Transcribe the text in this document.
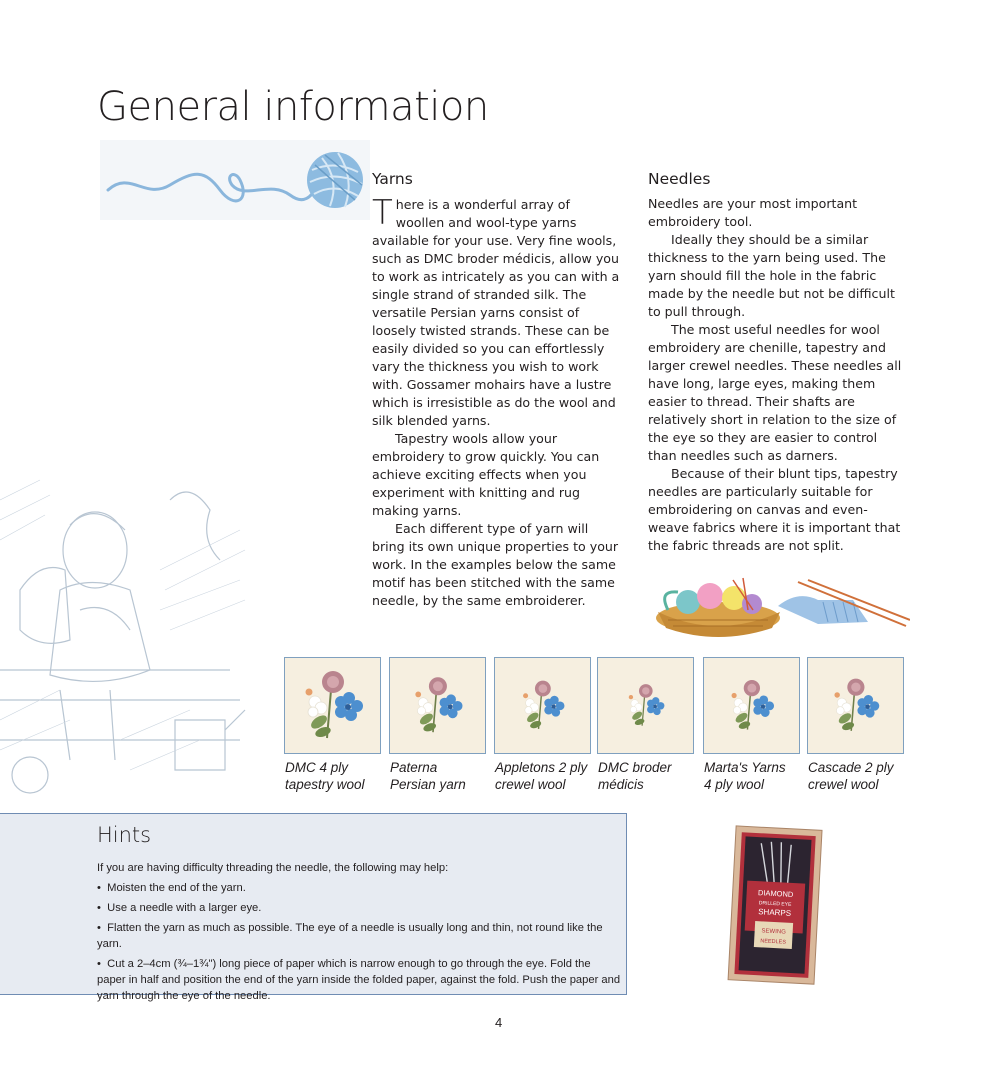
General information
Yarns

There is a wonderful array of woollen and wool-type yarns available for your use. Very fine wools, such as DMC broder médicis, allow you to work as intricately as you can with a single strand of stranded silk. The versatile Persian yarns consist of loosely twisted strands. These can be easily divided so you can effortlessly vary the thickness you wish to work with. Gossamer mohairs have a lustre which is irresistible as do the wool and silk blended yarns.

Tapestry wools allow your embroidery to grow quickly. You can achieve exciting effects when you experiment with knitting and rug making yarns.

Each different type of yarn will bring its own unique properties to your work. In the examples below the same motif has been stitched with the same needle, by the same embroiderer.

Needles

Needles are your most important embroidery tool.

Ideally they should be a similar thickness to the yarn being used. The yarn should fill the hole in the fabric made by the needle but not be difficult to pull through.

The most useful needles for wool embroidery are chenille, tapestry and larger crewel needles. These needles all have long, large eyes, making them easier to thread. Their shafts are relatively short in relation to the size of the eye so they are easier to control than needles such as darners.

Because of their blunt tips, tapestry needles are particularly suitable for embroidering on canvas and even-weave fabrics where it is important that the fabric threads are not split.

DMC 4 ply
tapestry wool
Paterna
Persian yarn
Appletons 2 ply
crewel wool
DMC broder
médicis
Marta's Yarns
4 ply wool
Cascade 2 ply
crewel wool
Hints
If you are having difficulty threading the needle, the following may help:
•  Moisten the end of the yarn.
•  Use a needle with a larger eye.
•  Flatten the yarn as much as possible. The eye of a needle is usually long and thin, not round like the yarn.
•  Cut a 2–4cm (¾–1¾") long piece of paper which is narrow enough to go through the eye. Fold the paper in half and position the end of the yarn inside the folded paper, against the fold. Push the paper and yarn through the eye of the needle.
DIAMOND
DRILLED EYE
SHARPS
SEWING
NEEDLES
4
